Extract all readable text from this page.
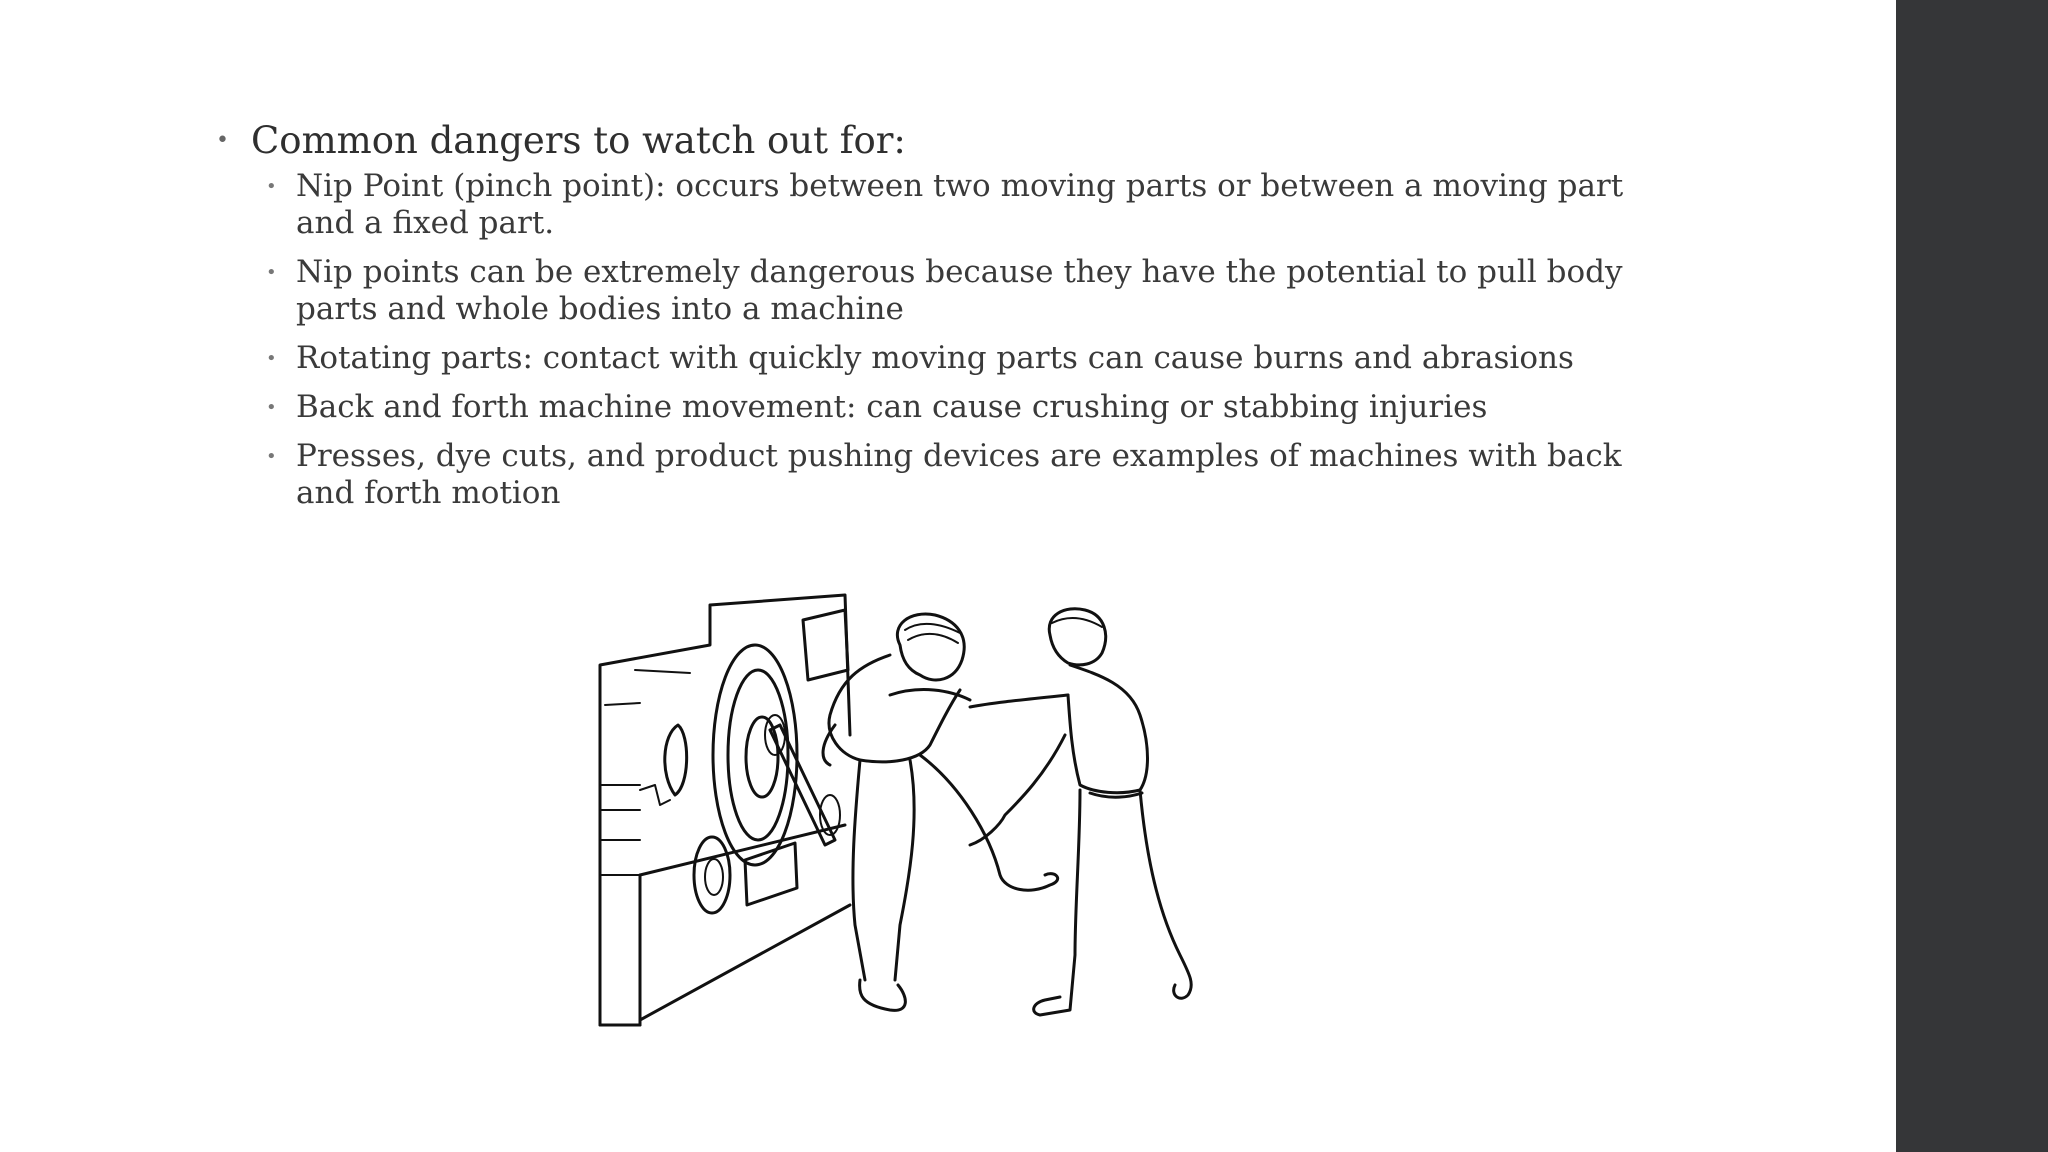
• Common dangers to watch out for:
• Nip Point (pinch point): occurs between two moving parts or between a moving part and a fixed part.
• Nip points can be extremely dangerous because they have the potential to pull body parts and whole bodies into a machine
• Rotating parts: contact with quickly moving parts can cause burns and abrasions
• Back and forth machine movement: can cause crushing or stabbing injuries
• Presses, dye cuts, and product pushing devices are examples of machines with back and forth motion
